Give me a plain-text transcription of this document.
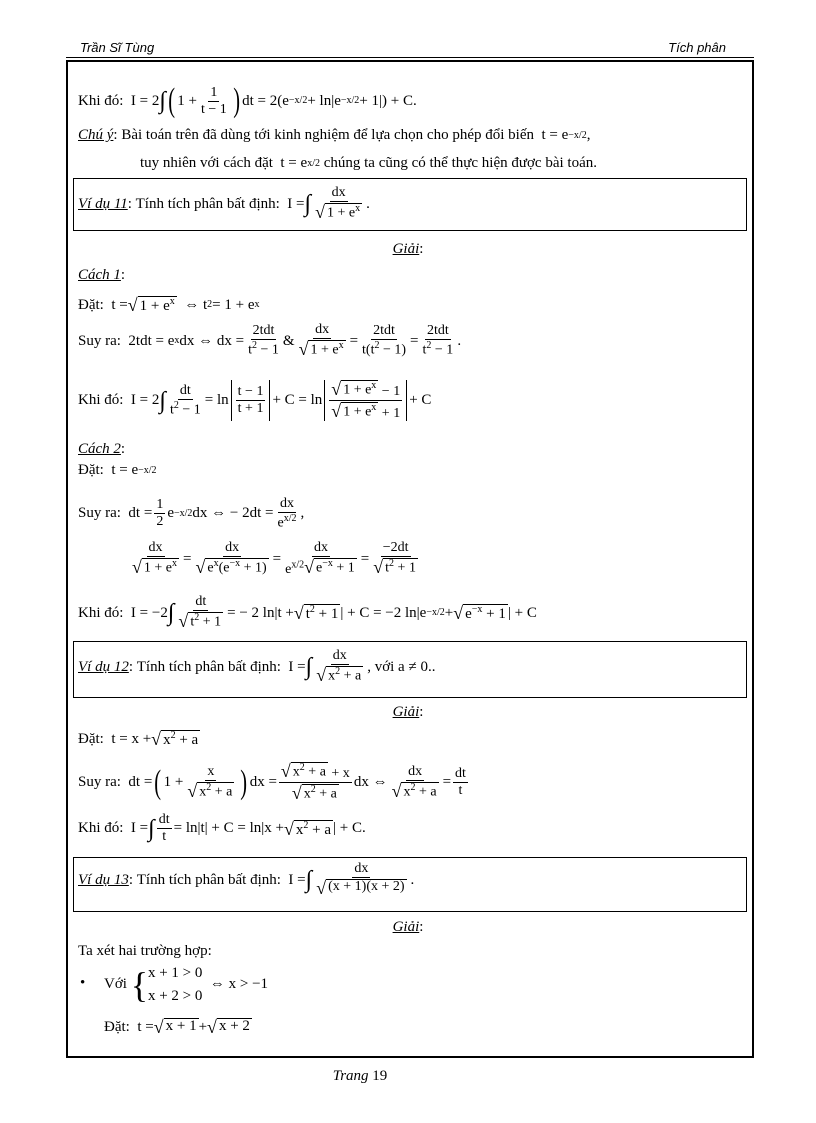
Trần Sĩ Tùng	Tích phân
Khi đó: I = 2 ∫ ( $1 + \frac{1}{t - 1}$ ) dt = 2(e −x/2 + ln|e −x/2 + 1|) + C.
Chú ý : Bài toán trên đã dùng tới kinh nghiệm để lựa chọn cho phép đổi biến t = e −x/2 ,
tuy nhiên với cách đặt t = e x/2
chúng ta cũng có thể thực hiện được bài toán.
Ví dụ 11 : Tính tích phân bất định: I = ∫ $\frac{dx}{√ 1 + e^x}$ .
Giải:
Cách 1 :
Đặt: t = √ $1 + e^x$ ⇔ t 2 = 1 + e x
Suy ra: 2tdt = e x dx ⇔ dx = $\frac{\text{2tdt}}{t^2 - 1}$ & $\frac{dx}{√ 1 + e^x} = \frac{\text{2tdt}}{t(t^2 - 1)} = \frac{\text{2tdt}}{t^2 - 1}$ .
Khi đó: I = 2 ∫ $\frac{dt}{t^2 - 1} = \ln \frac{t - 1}{t + 1} + C = \ln \frac{√ 1 + e^x - 1}{√ 1 + e^x + 1} + C$
Cách 2 :
Đặt: t = e −x/2
Suy ra: dt = $\frac{1}{2}$ e −x/2 dx ⇔ − $2dt = \frac{dx}{e^{x/2}}$ ,
$\frac{dx}{√ 1 + e^x} = \frac{dx}{√ e^x(e^{-x} + 1)} = \frac{dx}{e^{x/2} √ e^{-x} + 1} = \frac{-2dt}{√ t^2 + 1}$
Khi đó: I = −2 ∫ $\frac{dt}{√ t^2 + 1}$ = − 2 ln|t + √ $t^2 + 1$ | + C = −2 ln|e −x/2 + √ $e^{-x} + 1$ | + C
Ví dụ 12 : Tính tích phân bất định: I = ∫ $\frac{dx}{√ x^2 + a}$ , với a ≠ 0..
Giải:
Đặt: t = x + √ $x^2 + a$
Suy ra: dt = ( $1 + \frac{x}{√ x^2 + a}$ ) dx = $\frac{√ x^2 + a + x}{√ x^2 + a}$ dx ⇔ $\frac{dx}{√ x^2 + a} = \frac{dt}{t}$
Khi đó: I = ∫ $\frac{dt}{t} = \ln|t| + C = \ln|x$ + √ $x^2 + a$ | + C.
Ví dụ 13 : Tính tích phân bất định: I = ∫ $\frac{dx}{√ (x + 1)(x + 2)}$ .
Giải:
Ta xét hai trường hợp:
• Với
{ x + 1 > 0
x + 2 > 0
⇔ x > −1
Đặt: t = √ x + 1 + √ x + 2
Trang 19
